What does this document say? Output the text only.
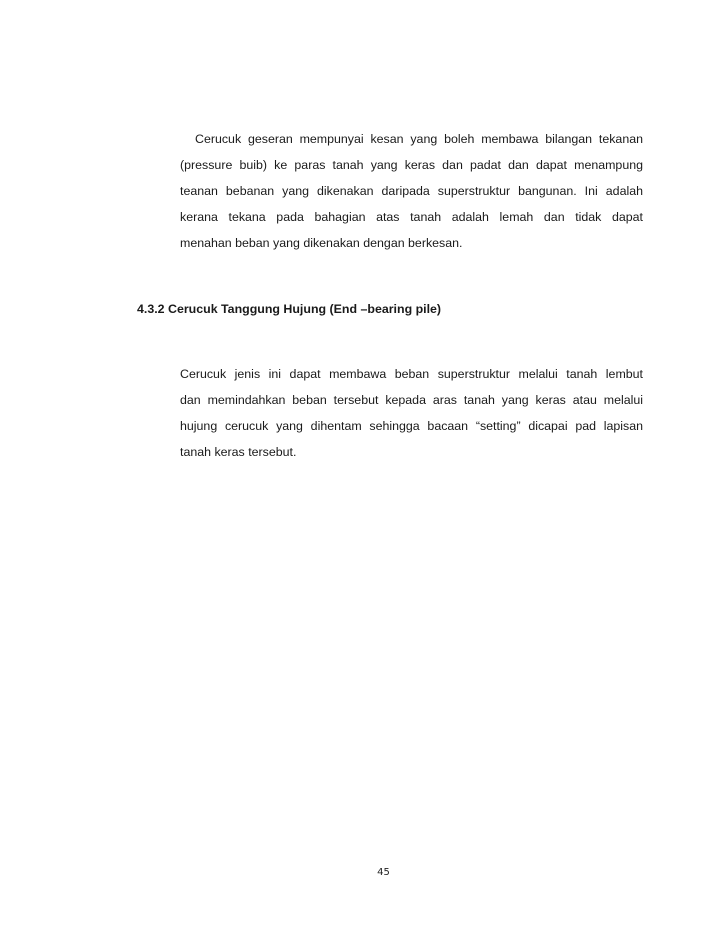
Cerucuk geseran mempunyai kesan yang boleh membawa bilangan tekanan
(pressure buib) ke paras tanah yang keras dan padat dan dapat menampung
teanan bebanan yang dikenakan daripada superstruktur bangunan. Ini adalah
kerana tekana pada bahagian atas tanah adalah lemah dan tidak dapat
menahan beban yang dikenakan dengan berkesan.
4.3.2 Cerucuk Tanggung Hujung (End –bearing pile)
Cerucuk jenis ini dapat membawa beban superstruktur melalui tanah lembut
dan memindahkan beban tersebut kepada aras tanah yang keras atau melalui
hujung cerucuk yang dihentam sehingga bacaan “setting” dicapai pad lapisan
tanah keras tersebut.
45
